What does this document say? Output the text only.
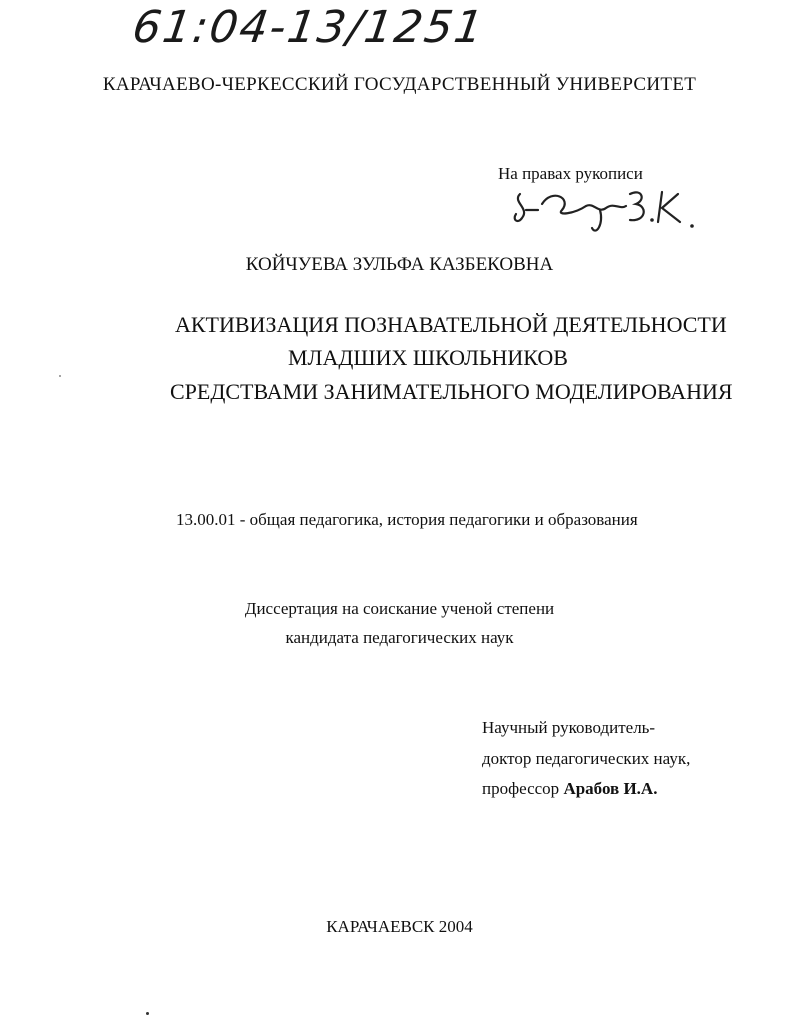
61:04-13/1251
КАРАЧАЕВО-ЧЕРКЕССКИЙ ГОСУДАРСТВЕННЫЙ УНИВЕРСИТЕТ
На правах рукописи
КОЙЧУЕВА ЗУЛЬФА КАЗБЕКОВНА
АКТИВИЗАЦИЯ ПОЗНАВАТЕЛЬНОЙ ДЕЯТЕЛЬНОСТИ
МЛАДШИХ ШКОЛЬНИКОВ
СРЕДСТВАМИ ЗАНИМАТЕЛЬНОГО МОДЕЛИРОВАНИЯ
13.00.01 - общая педагогика, история педагогики и образования
Диссертация на соискание ученой степени
кандидата педагогических наук
Научный руководитель-
доктор педагогических наук,
профессор Арабов И.А.
КАРАЧАЕВСК 2004
